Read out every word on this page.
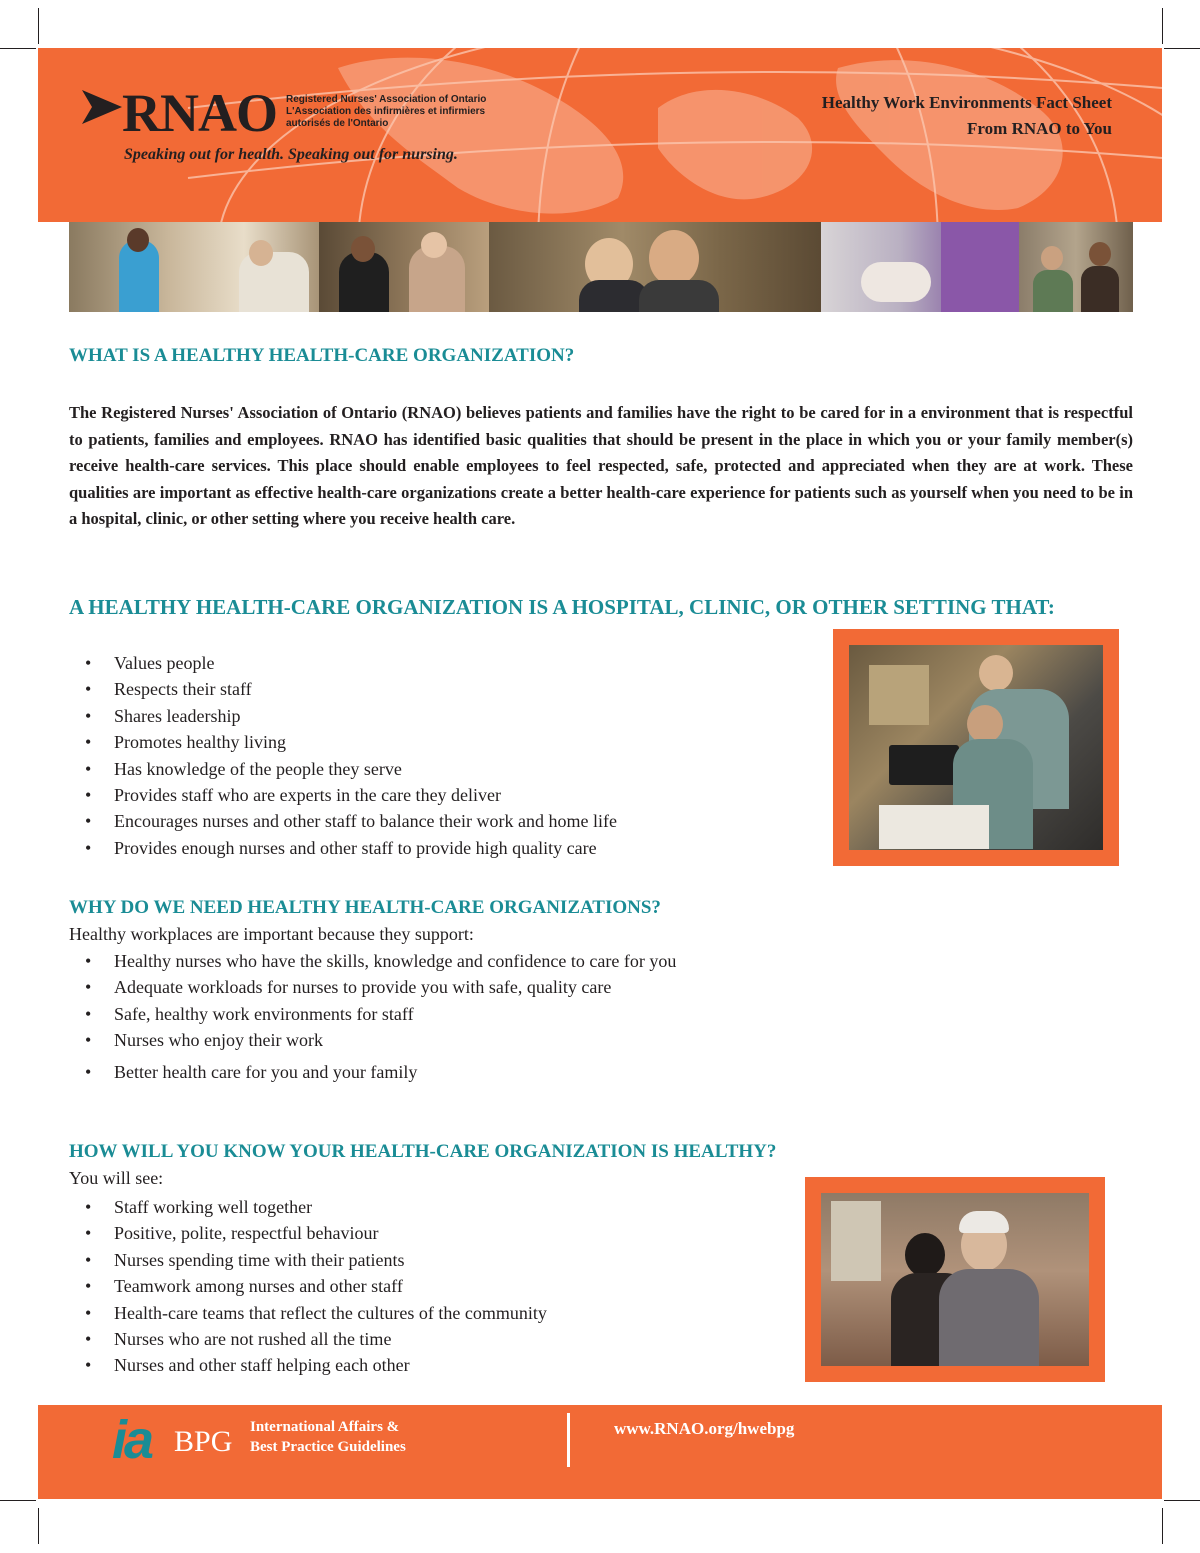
RNAO Registered Nurses' Association of Ontario
L'Association des infirmières et infirmiers
autorisés de l'Ontario
Speaking out for health. Speaking out for nursing.
Healthy Work Environments Fact Sheet
From RNAO to You
WHAT IS A HEALTHY HEALTH-CARE ORGANIZATION?

The Registered Nurses' Association of Ontario (RNAO) believes patients and families have the right to be cared for in a environment that is respectful to patients, families and employees. RNAO has identified basic qualities that should be present in the place in which you or your family member(s) receive health-care services. This place should enable employees to feel respected, safe, protected and appreciated when they are at work. These qualities are important as effective health-care organizations create a better health-care experience for patients such as yourself when you need to be in a hospital, clinic, or other setting where you receive health care.

A HEALTHY HEALTH-CARE ORGANIZATION IS A HOSPITAL, CLINIC, OR OTHER SETTING THAT:
• Values people
• Respects their staff
• Shares leadership
• Promotes healthy living
• Has knowledge of the people they serve
• Provides staff who are experts in the care they deliver
• Encourages nurses and other staff to balance their work and home life
• Provides enough nurses and other staff to provide high quality care
WHY DO WE NEED HEALTHY HEALTH-CARE ORGANIZATIONS?

Healthy workplaces are important because they support:

• Healthy nurses who have the skills, knowledge and confidence to care for you
• Adequate workloads for nurses to provide you with safe, quality care
• Safe, healthy work environments for staff
• Nurses who enjoy their work
• Better health care for you and your family
HOW WILL YOU KNOW YOUR HEALTH-CARE ORGANIZATION IS HEALTHY?

You will see:

• Staff working well together
• Positive, polite, respectful behaviour
• Nurses spending time with their patients
• Teamwork among nurses and other staff
• Health-care teams that reflect the cultures of the community
• Nurses who are not rushed all the time
• Nurses and other staff helping each other
ia BPG International Affairs &
Best Practice Guidelines
www.RNAO.org/hwebpg
